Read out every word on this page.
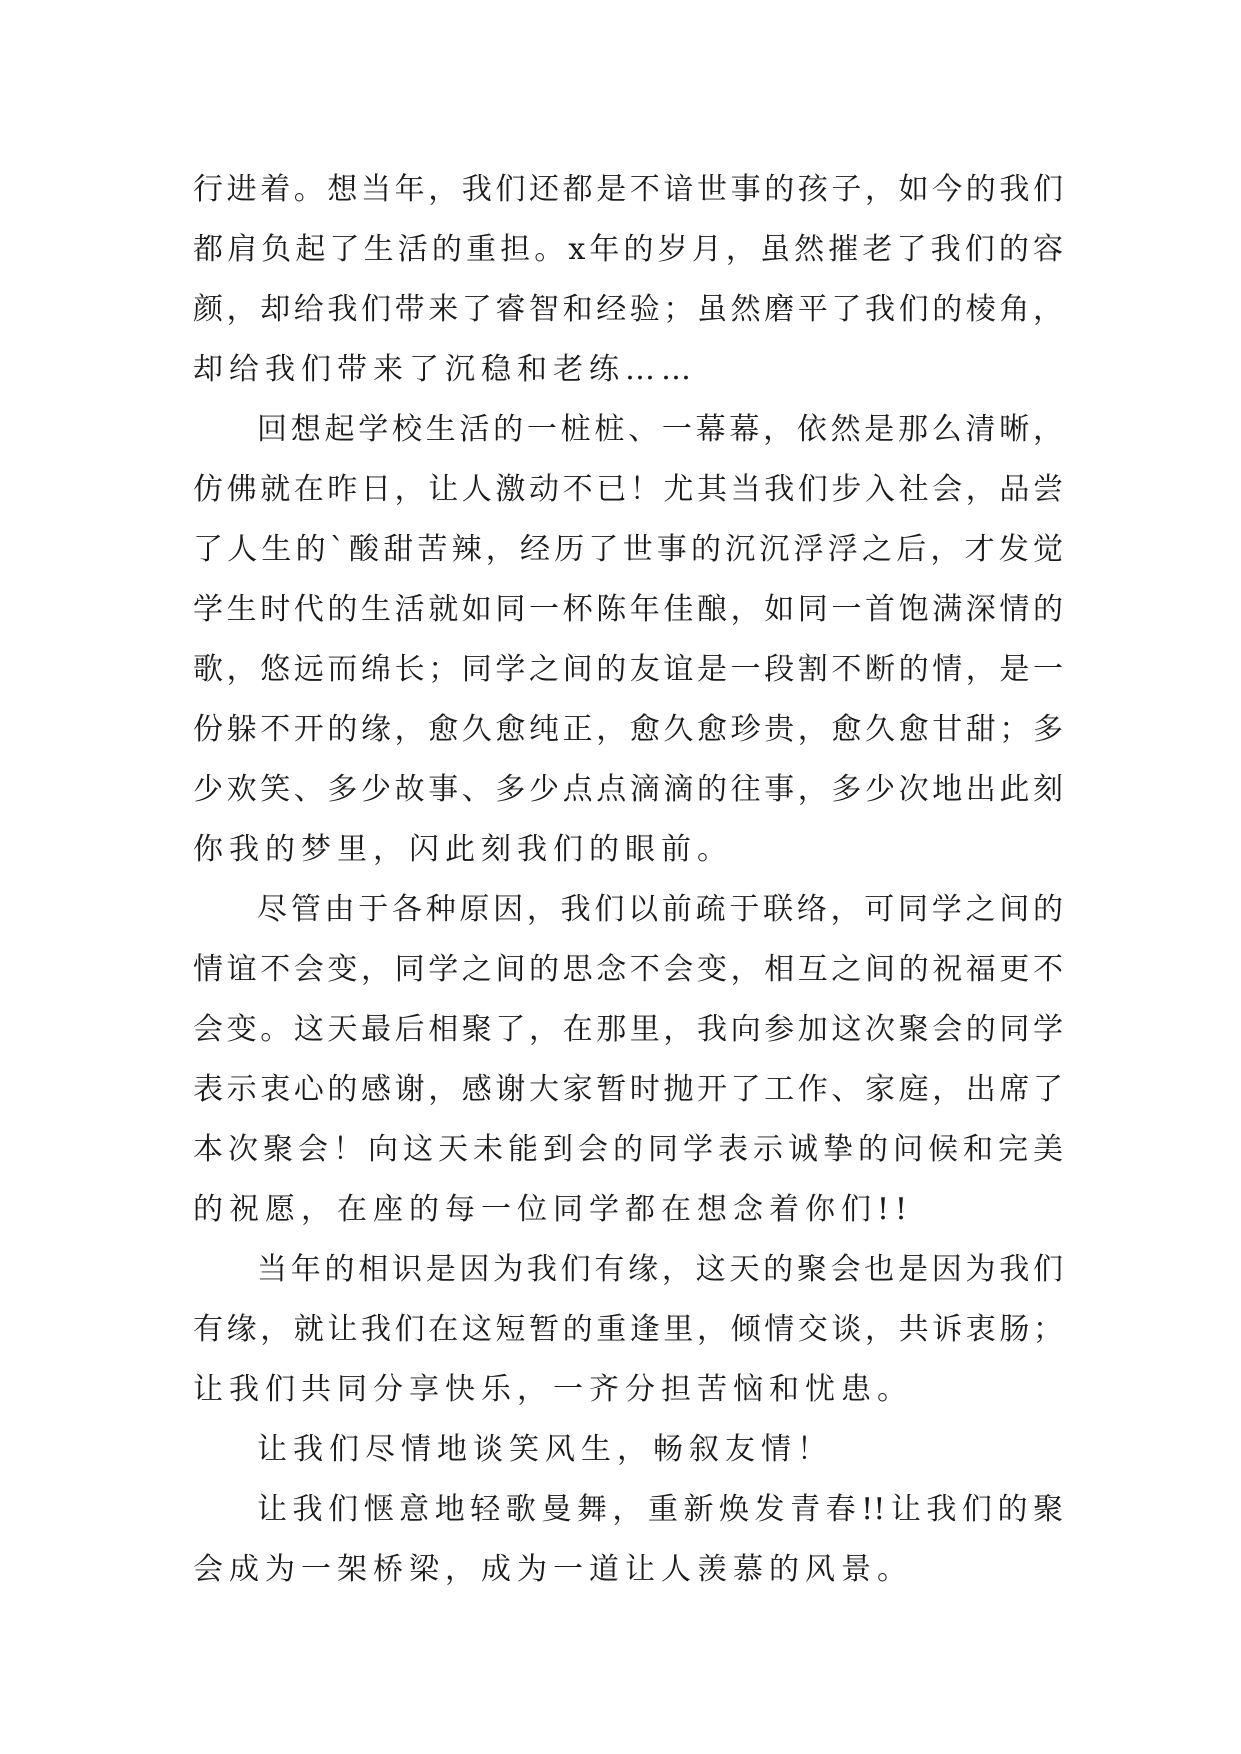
行进着。想当年，我们还都是不谙世事的孩子，如今的我们
都肩负起了生活的重担。x年的岁月，虽然摧老了我们的容
颜，却给我们带来了睿智和经验；虽然磨平了我们的棱角，
却给我们带来了沉稳和老练……
回想起学校生活的一桩桩、一幕幕，依然是那么清晰，
仿佛就在昨日，让人激动不已！尤其当我们步入社会，品尝
了人生的`酸甜苦辣，经历了世事的沉沉浮浮之后，才发觉
学生时代的生活就如同一杯陈年佳酿，如同一首饱满深情的
歌，悠远而绵长；同学之间的友谊是一段割不断的情，是一
份躲不开的缘，愈久愈纯正，愈久愈珍贵，愈久愈甘甜；多
少欢笑、多少故事、多少点点滴滴的往事，多少次地出此刻
你我的梦里，闪此刻我们的眼前。
尽管由于各种原因，我们以前疏于联络，可同学之间的
情谊不会变，同学之间的思念不会变，相互之间的祝福更不
会变。这天最后相聚了，在那里，我向参加这次聚会的同学
表示衷心的感谢，感谢大家暂时抛开了工作、家庭，出席了
本次聚会！向这天未能到会的同学表示诚挚的问候和完美
的祝愿，在座的每一位同学都在想念着你们!!
当年的相识是因为我们有缘，这天的聚会也是因为我们
有缘，就让我们在这短暂的重逢里，倾情交谈，共诉衷肠；
让我们共同分享快乐，一齐分担苦恼和忧患。
让我们尽情地谈笑风生，畅叙友情！
让我们惬意地轻歌曼舞，重新焕发青春!!让我们的聚
会成为一架桥梁，成为一道让人羡慕的风景。
